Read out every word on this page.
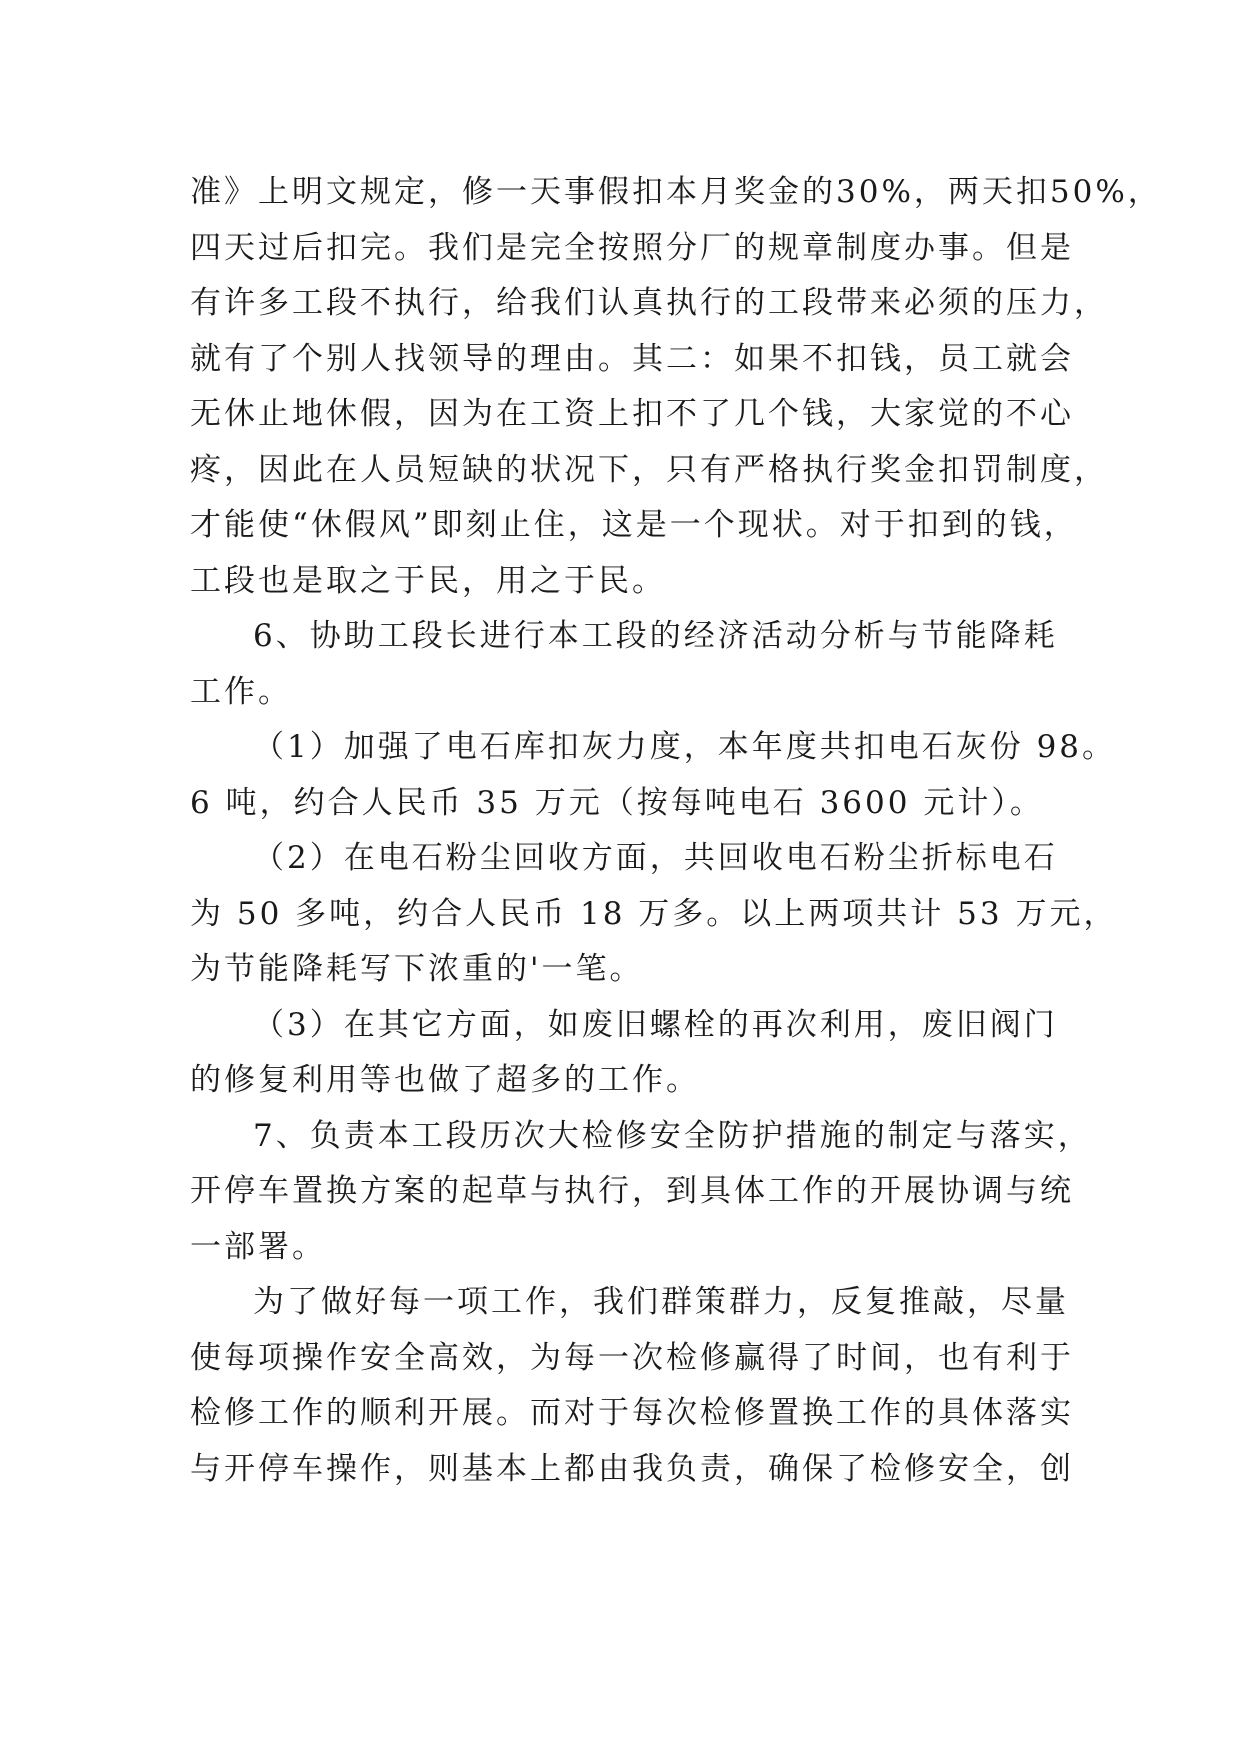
准》上明文规定，修一天事假扣本月奖金的30%，两天扣50%，
四天过后扣完。我们是完全按照分厂的规章制度办事。但是
有许多工段不执行，给我们认真执行的工段带来必须的压力，
就有了个别人找领导的理由。其二：如果不扣钱，员工就会
无休止地休假，因为在工资上扣不了几个钱，大家觉的不心
疼，因此在人员短缺的状况下，只有严格执行奖金扣罚制度，
才能使“休假风”即刻止住，这是一个现状。对于扣到的钱，
工段也是取之于民，用之于民。
6、协助工段长进行本工段的经济活动分析与节能降耗
工作。
（1）加强了电石库扣灰力度，本年度共扣电石灰份 98。
6 吨，约合人民币 35 万元（按每吨电石 3600 元计）。
（2）在电石粉尘回收方面，共回收电石粉尘折标电石
为 50 多吨，约合人民币 18 万多。以上两项共计 53 万元，
为节能降耗写下浓重的'一笔。
（3）在其它方面，如废旧螺栓的再次利用，废旧阀门
的修复利用等也做了超多的工作。
7、负责本工段历次大检修安全防护措施的制定与落实，
开停车置换方案的起草与执行，到具体工作的开展协调与统
一部署。
为了做好每一项工作，我们群策群力，反复推敲，尽量
使每项操作安全高效，为每一次检修赢得了时间，也有利于
检修工作的顺利开展。而对于每次检修置换工作的具体落实
与开停车操作，则基本上都由我负责，确保了检修安全，创
